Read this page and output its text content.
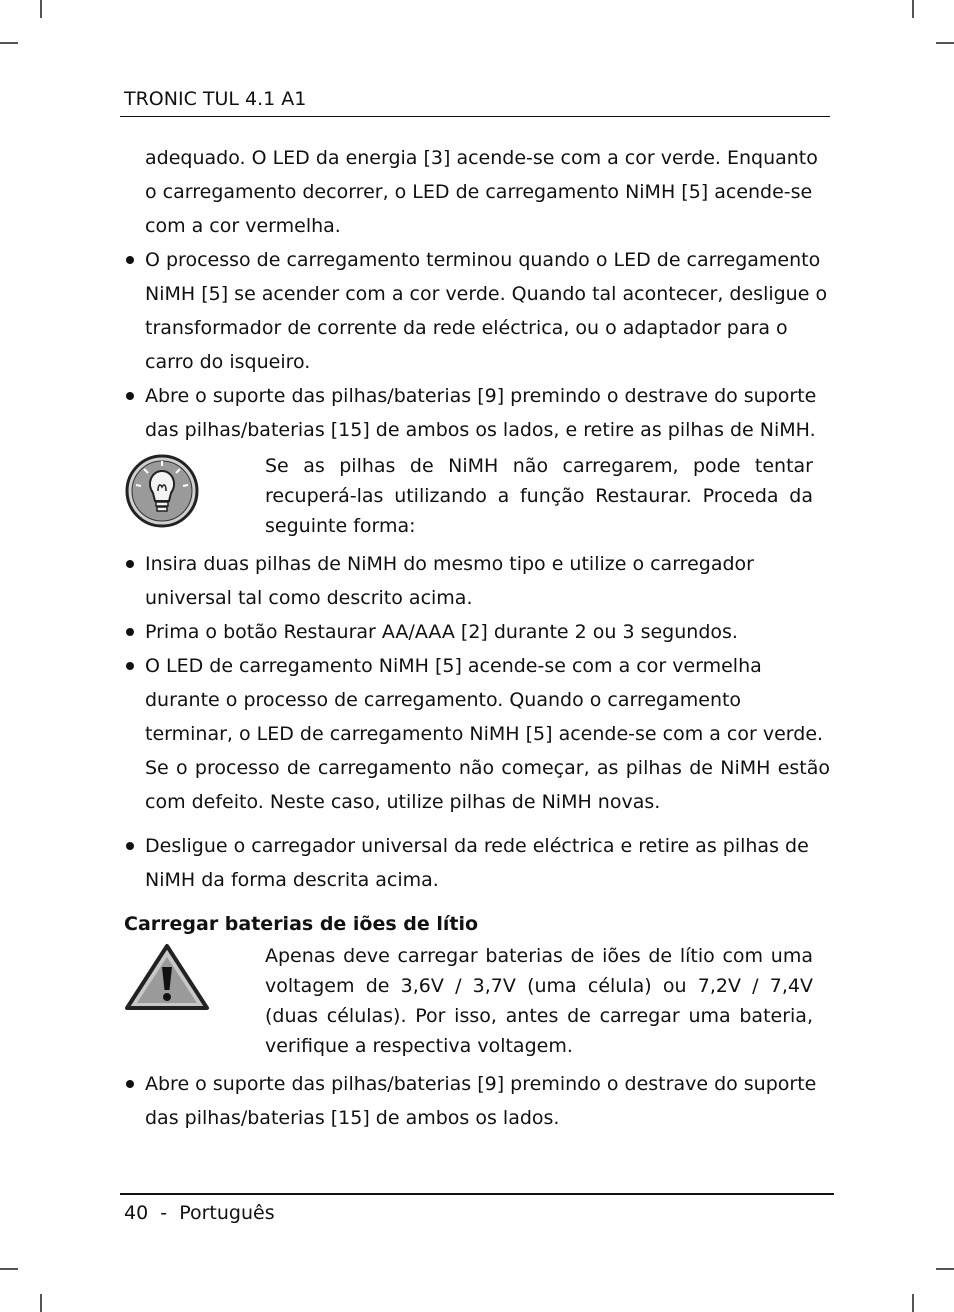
TRONIC TUL 4.1 A1

adequado. O LED da energia [3] acende-se com a cor verde. Enquanto o carregamento decorrer, o LED de carregamento NiMH [5] acende-se com a cor vermelha.

O processo de carregamento terminou quando o LED de carregamento NiMH [5] se acender com a cor verde. Quando tal acontecer, desligue o transformador de corrente da rede eléctrica, ou o adaptador para o carro do isqueiro.
Abre o suporte das pilhas/baterias [9] premindo o destrave do suporte das pilhas/baterias [15] de ambos os lados, e retire as pilhas de NiMH.
Se as pilhas de NiMH não carregarem, pode tentar recuperá-las utilizando a função Restaurar. Proceda da seguinte forma:
Insira duas pilhas de NiMH do mesmo tipo e utilize o carregador universal tal como descrito acima.
Prima o botão Restaurar AA/AAA [2] durante 2 ou 3 segundos.
O LED de carregamento NiMH [5] acende-se com a cor vermelha durante o processo de carregamento. Quando o carregamento terminar, o LED de carregamento NiMH [5] acende-se com a cor verde.

Se o processo de carregamento não começar, as pilhas de NiMH estão com defeito. Neste caso, utilize pilhas de NiMH novas.

Desligue o carregador universal da rede eléctrica e retire as pilhas de NiMH da forma descrita acima.

Carregar baterias de iões de lítio

Apenas deve carregar baterias de iões de lítio com uma voltagem de 3,6V / 3,7V (uma célula) ou 7,2V / 7,4V (duas células). Por isso, antes de carregar uma bateria, verifique a respectiva voltagem.
Abre o suporte das pilhas/baterias [9] premindo o destrave do suporte das pilhas/baterias [15] de ambos os lados.
40  -  Português
